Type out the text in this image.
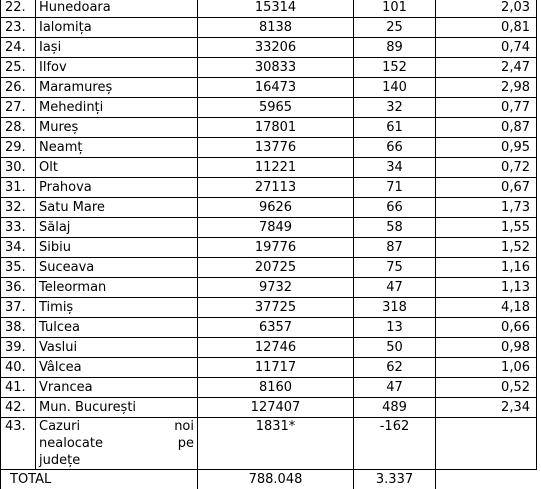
22.	Hunedoara	15314	101	2,03
23.	Ialomița	8138	25	0,81
24.	Iași	33206	89	0,74
25.	Ilfov	30833	152	2,47
26.	Maramureș	16473	140	2,98
27.	Mehedinți	5965	32	0,77
28.	Mureș	17801	61	0,87
29.	Neamț	13776	66	0,95
30.	Olt	11221	34	0,72
31.	Prahova	27113	71	0,67
32.	Satu Mare	9626	66	1,73
33.	Sălaj	7849	58	1,55
34.	Sibiu	19776	87	1,52
35.	Suceava	20725	75	1,16
36.	Teleorman	9732	47	1,13
37.	Timiș	37725	318	4,18
38.	Tulcea	6357	13	0,66
39.	Vaslui	12746	50	0,98
40.	Vâlcea	11717	62	1,06
41.	Vrancea	8160	47	0,52
42.	Mun. București	127407	489	2,34
43.	Cazuri noi
nealocate pe
județe	1831*	-162	
TOTAL		788.048	3.337	
